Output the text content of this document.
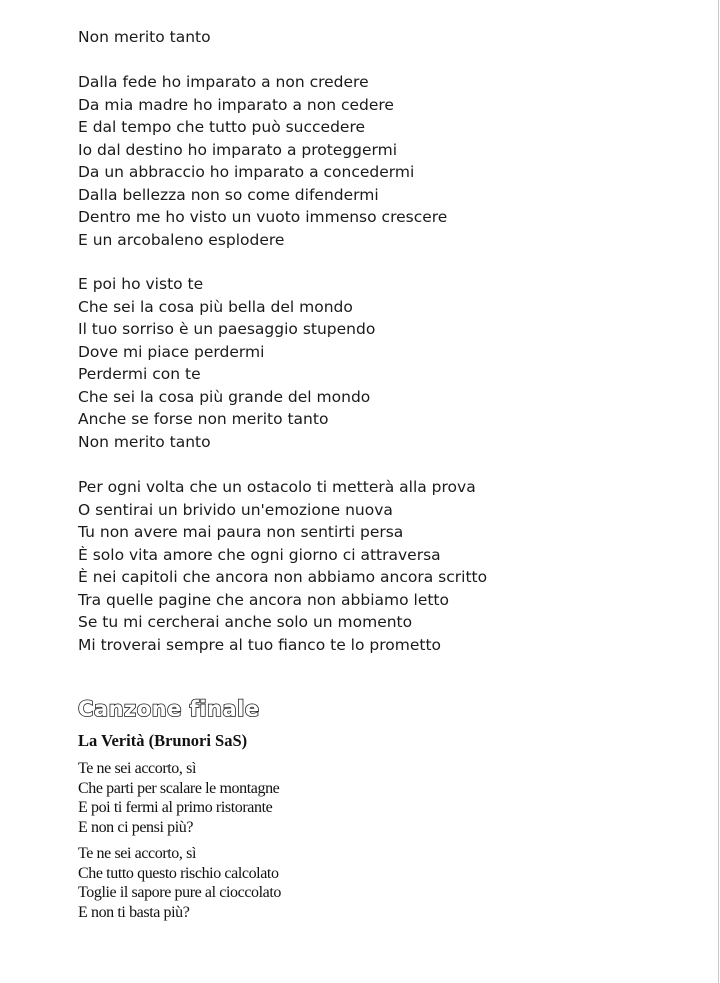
Non merito tanto
Dalla fede ho imparato a non credere
Da mia madre ho imparato a non cedere
E dal tempo che tutto può succedere
Io dal destino ho imparato a proteggermi
Da un abbraccio ho imparato a concedermi
Dalla bellezza non so come difendermi
Dentro me ho visto un vuoto immenso crescere
E un arcobaleno esplodere
E poi ho visto te
Che sei la cosa più bella del mondo
Il tuo sorriso è un paesaggio stupendo
Dove mi piace perdermi
Perdermi con te
Che sei la cosa più grande del mondo
Anche se forse non merito tanto
Non merito tanto
Per ogni volta che un ostacolo ti metterà alla prova
O sentirai un brivido un'emozione nuova
Tu non avere mai paura non sentirti persa
È solo vita amore che ogni giorno ci attraversa
È nei capitoli che ancora non abbiamo ancora scritto
Tra quelle pagine che ancora non abbiamo letto
Se tu mi cercherai anche solo un momento
Mi troverai sempre al tuo fianco te lo prometto
Canzone finale
La Verità (Brunori SaS)
Te ne sei accorto, sì
Che parti per scalare le montagne
E poi ti fermi al primo ristorante
E non ci pensi più?
Te ne sei accorto, sì
Che tutto questo rischio calcolato
Toglie il sapore pure al cioccolato
E non ti basta più?
